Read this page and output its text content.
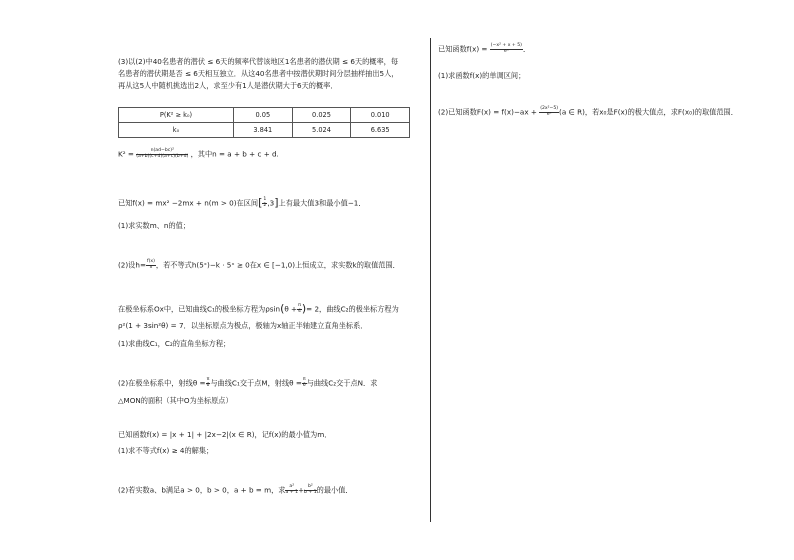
(3)以(2)中40名患者的潜伏 ≤ 6天的频率代替该地区1名患者的潜伏期 ≤ 6天的概率，每
名患者的潜伏期是否 ≤ 6天相互独立．从这40名患者中按潜伏期时间分层抽样抽出5人，
再从这5人中随机挑选出2人，求至少有1人是潜伏期大于6天的概率．
P(K² ≥ k₀)	0.05	0.025	0.010
k₀	3.841	5.024	6.635
$K^2 = \frac{\text{n(ad−bc)²}}{(a+b)(c+d)(a+c)(b+d)}$ ，其中n = a + b + c + d.
已知f(x) = mx² −2mx + n(m > 0)在区间[ $\frac{1}{2} ,3$]上有最大值3和最小值−1．
(1)求实数m、n的值；
(2)设$h= \frac{f(x)}{x}$ ，若不等式h(5ˣ)−k · 5ˣ ≥ 0在x ∈ [−1,0)上恒成立，求实数k的取值范围．
在极坐标系Ox中，已知曲线C₁的极坐标方程为$\rho\sin(\theta + \frac{\pi}{4}$ )= 2，曲线C₂的极坐标方程为
ρ²(1 + 3sin²θ) = 7．以坐标原点为极点，极轴为x轴正半轴建立直角坐标系．
(1)求曲线C₁，C₂的直角坐标方程；
(2)在极坐标系中，射线$\theta = \frac{\pi}{6}$ 与曲线C₁交于点M，射线$\theta = \frac{\pi}{6}$ 与曲线C₂交于点N．求
△MON的面积（其中O为坐标原点）
已知函数f(x) = |x + 1| + |2x−2|(x ∈ R)，记f(x)的最小值为m．
(1)求不等式f(x) ≥ 4的解集；
(2)若实数a、b满足a > 0，b > 0，a + b = m，求 $\frac{\text{a²}}{a + 1} + \frac{\text{b²}}{b + 1}$ 的最小值．
已知函数$f(x) = \frac{\text{(−x² + x + 5)}}{\text{eˣ}}$ ．
(1)求函数f(x)的单调区间；
(2)已知函数$F(x) = f(x)-ax + \frac{\text{(2x²−5)}}{\text{eˣ}} (a$ ∈ R)，若x₀是F(x)的极大值点，求F(x₀)的取值范围．
